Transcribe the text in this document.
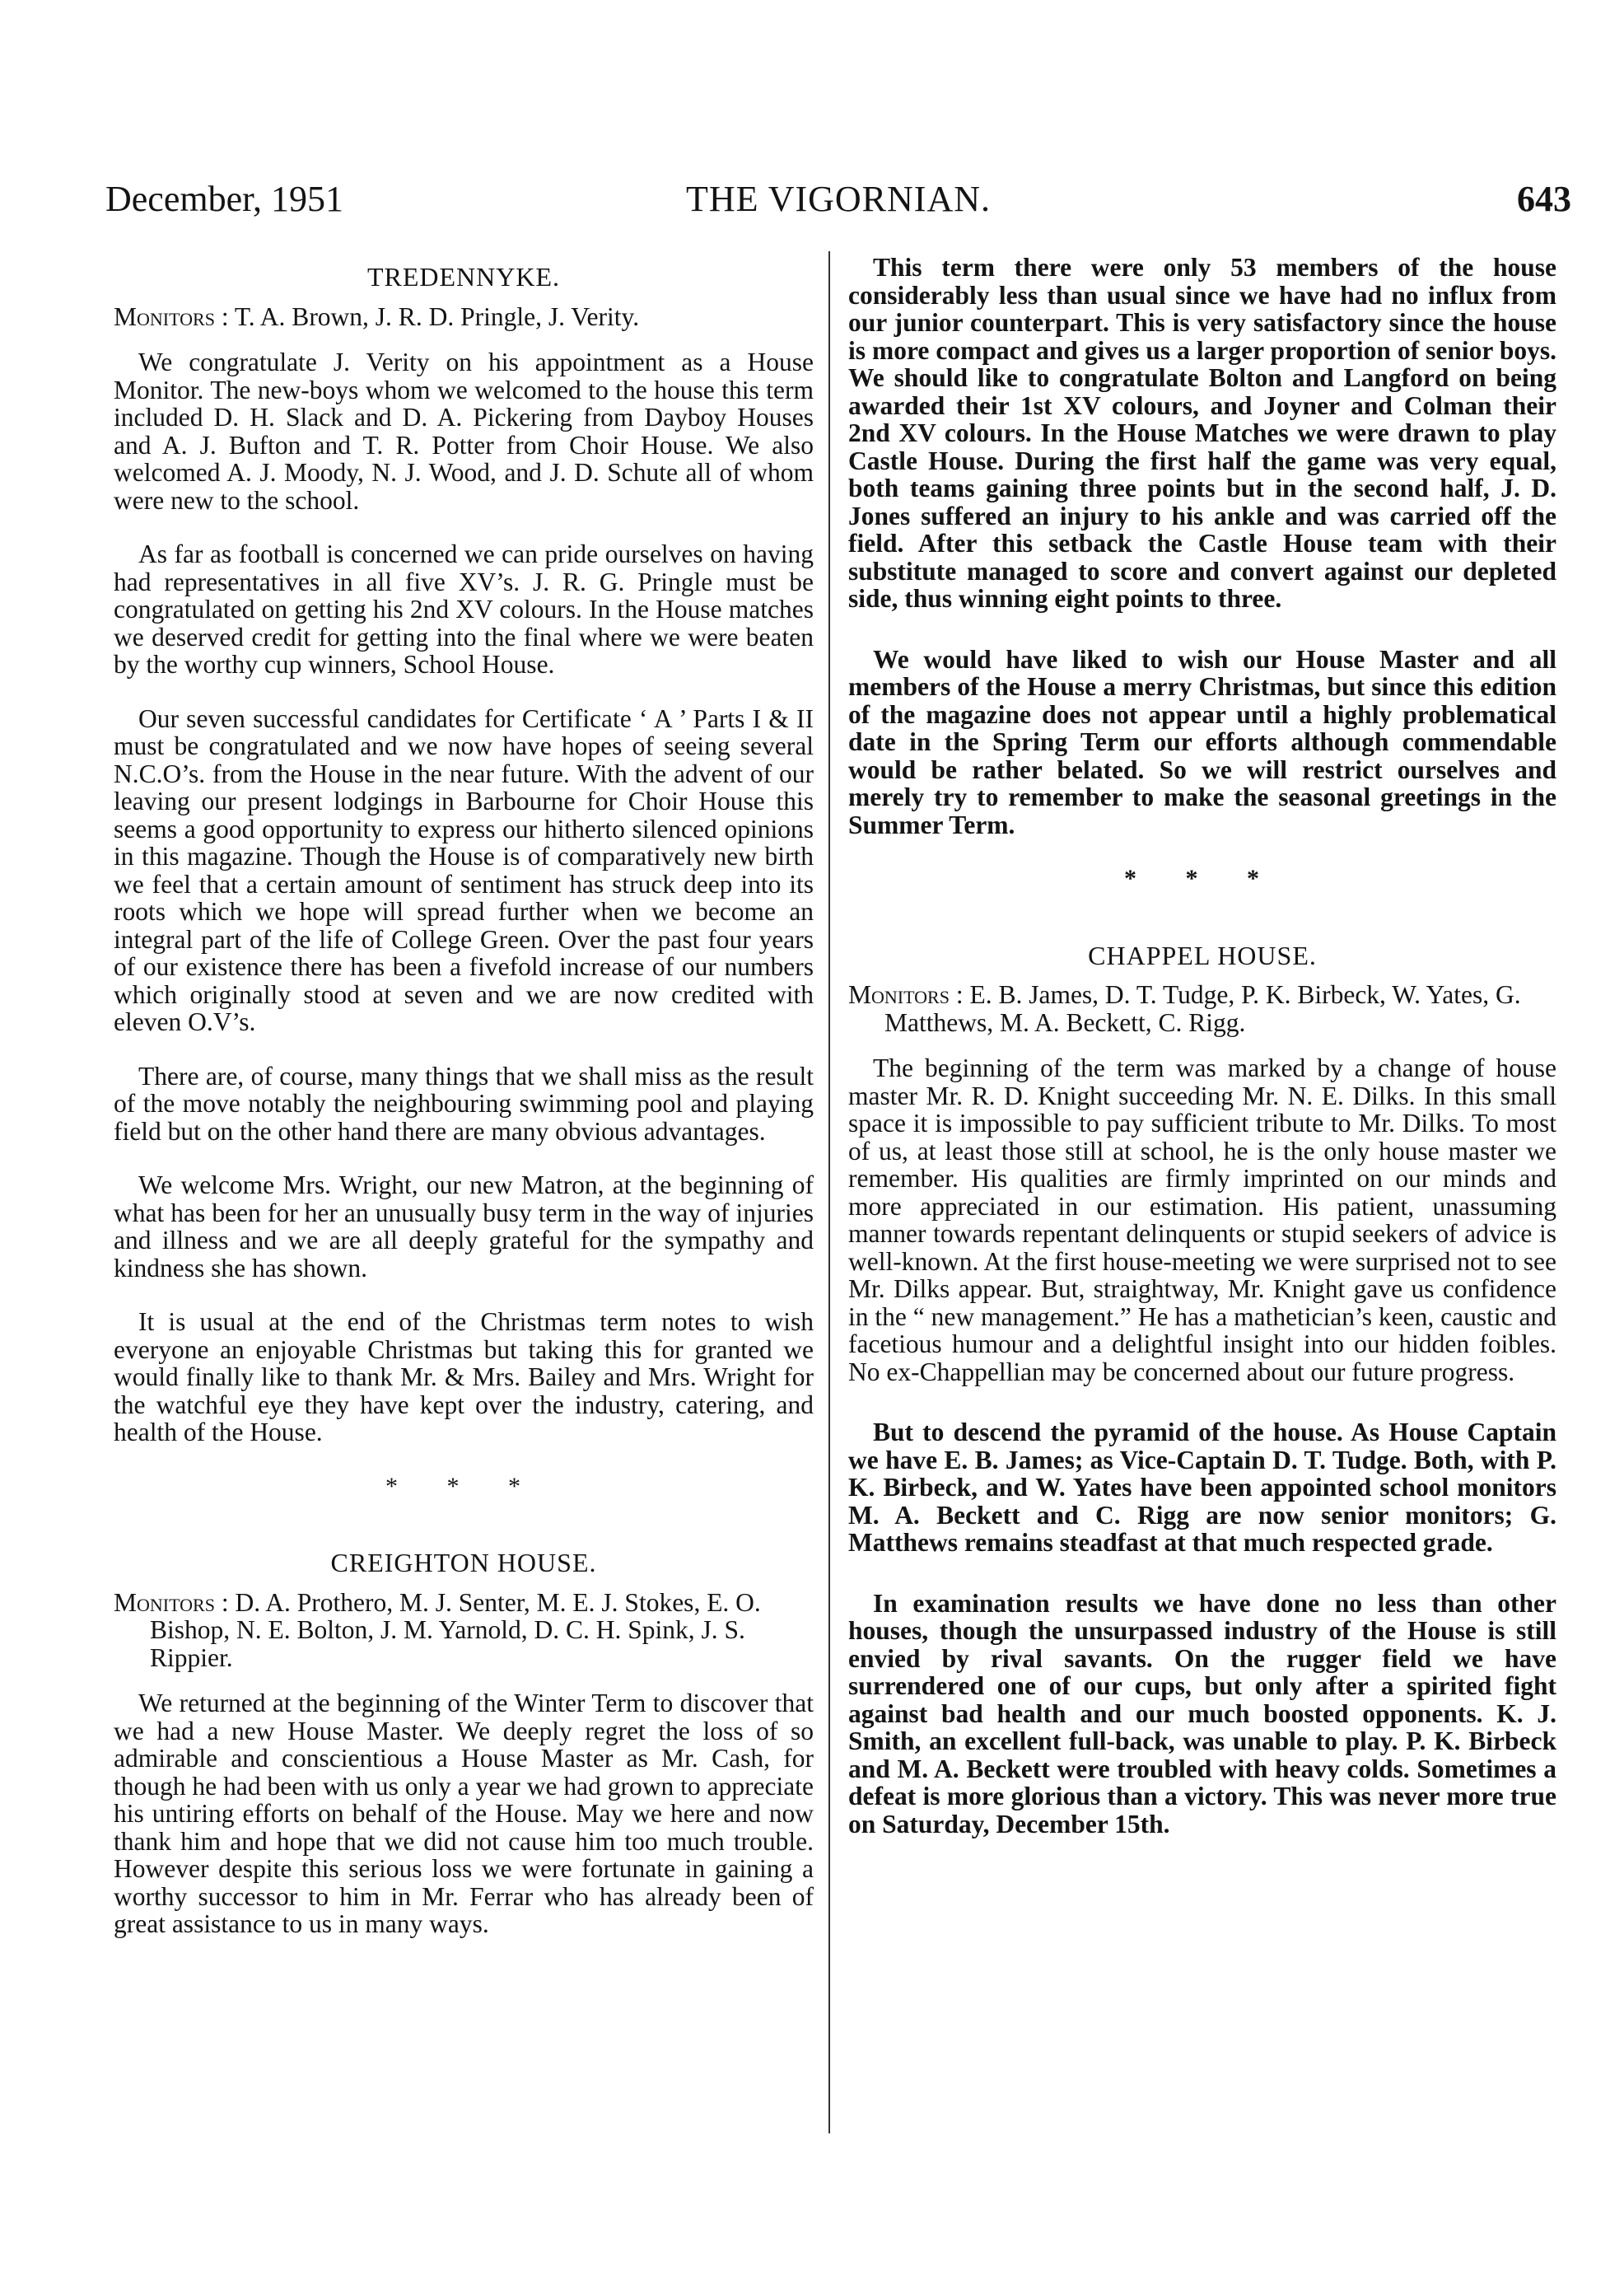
December, 1951	THE VIGORNIAN.	643
TREDENNYKE.
Monitors : T. A. Brown, J. R. D. Pringle, J. Verity.

We congratulate J. Verity on his appointment as a House Monitor. The new-boys whom we welcomed to the house this term included D. H. Slack and D. A. Pickering from Dayboy Houses and A. J. Bufton and T. R. Potter from Choir House. We also welcomed A. J. Moody, N. J. Wood, and J. D. Schute all of whom were new to the school.

As far as football is concerned we can pride ourselves on having had representatives in all five XV’s. J. R. G. Pringle must be congratulated on getting his 2nd XV colours. In the House matches we deserved credit for getting into the final where we were beaten by the worthy cup winners, School House.

Our seven successful candidates for Certificate ‘ A ’ Parts I & II must be congratulated and we now have hopes of seeing several N.C.O’s. from the House in the near future. With the advent of our leaving our present lodgings in Barbourne for Choir House this seems a good opportunity to express our hitherto silenced opinions in this magazine. Though the House is of comparatively new birth we feel that a certain amount of sentiment has struck deep into its roots which we hope will spread further when we become an integral part of the life of College Green. Over the past four years of our existence there has been a fivefold increase of our numbers which originally stood at seven and we are now credited with eleven O.V’s.

There are, of course, many things that we shall miss as the result of the move notably the neighbouring swimming pool and playing field but on the other hand there are many obvious advantages.

We welcome Mrs. Wright, our new Matron, at the beginning of what has been for her an unusually busy term in the way of injuries and illness and we are all deeply grateful for the sympathy and kindness she has shown.

It is usual at the end of the Christmas term notes to wish everyone an enjoyable Christmas but taking this for granted we would finally like to thank Mr. & Mrs. Bailey and Mrs. Wright for the watchful eye they have kept over the industry, catering, and health of the House.

* * *
CREIGHTON HOUSE.
Monitors : D. A. Prothero, M. J. Senter, M. E. J. Stokes, E. O. Bishop, N. E. Bolton, J. M. Yarnold, D. C. H. Spink, J. S. Rippier.

We returned at the beginning of the Winter Term to discover that we had a new House Master. We deeply regret the loss of so admirable and conscientious a House Master as Mr. Cash, for though he had been with us only a year we had grown to appreciate his untiring efforts on behalf of the House. May we here and now thank him and hope that we did not cause him too much trouble. However despite this serious loss we were fortunate in gaining a worthy successor to him in Mr. Ferrar who has already been of great assistance to us in many ways.

This term there were only 53 members of the house considerably less than usual since we have had no influx from our junior counterpart. This is very satisfactory since the house is more compact and gives us a larger proportion of senior boys. We should like to congratulate Bolton and Langford on being awarded their 1st XV colours, and Joyner and Colman their 2nd XV colours. In the House Matches we were drawn to play Castle House. During the first half the game was very equal, both teams gaining three points but in the second half, J. D. Jones suffered an injury to his ankle and was carried off the field. After this setback the Castle House team with their substitute managed to score and convert against our depleted side, thus winning eight points to three.

We would have liked to wish our House Master and all members of the House a merry Christmas, but since this edition of the magazine does not appear until a highly problematical date in the Spring Term our efforts although commendable would be rather belated. So we will restrict ourselves and merely try to remember to make the seasonal greetings in the Summer Term.

* * *
CHAPPEL HOUSE.
Monitors : E. B. James, D. T. Tudge, P. K. Birbeck, W. Yates, G. Matthews, M. A. Beckett, C. Rigg.

The beginning of the term was marked by a change of house master Mr. R. D. Knight succeeding Mr. N. E. Dilks. In this small space it is impossible to pay sufficient tribute to Mr. Dilks. To most of us, at least those still at school, he is the only house master we remember. His qualities are firmly imprinted on our minds and more appreciated in our estimation. His patient, unassuming manner towards repentant delinquents or stupid seekers of advice is well-known. At the first house-meeting we were surprised not to see Mr. Dilks appear. But, straightway, Mr. Knight gave us confidence in the “ new management.” He has a mathetician’s keen, caustic and facetious humour and a delightful insight into our hidden foibles. No ex-Chappellian may be concerned about our future progress.

But to descend the pyramid of the house. As House Captain we have E. B. James; as Vice-Captain D. T. Tudge. Both, with P. K. Birbeck, and W. Yates have been appointed school monitors M. A. Beckett and C. Rigg are now senior monitors; G. Matthews remains steadfast at that much respected grade.

In examination results we have done no less than other houses, though the unsurpassed industry of the House is still envied by rival savants. On the rugger field we have surrendered one of our cups, but only after a spirited fight against bad health and our much boosted opponents. K. J. Smith, an excellent full-back, was unable to play. P. K. Birbeck and M. A. Beckett were troubled with heavy colds. Sometimes a defeat is more glorious than a victory. This was never more true on Saturday, December 15th.
